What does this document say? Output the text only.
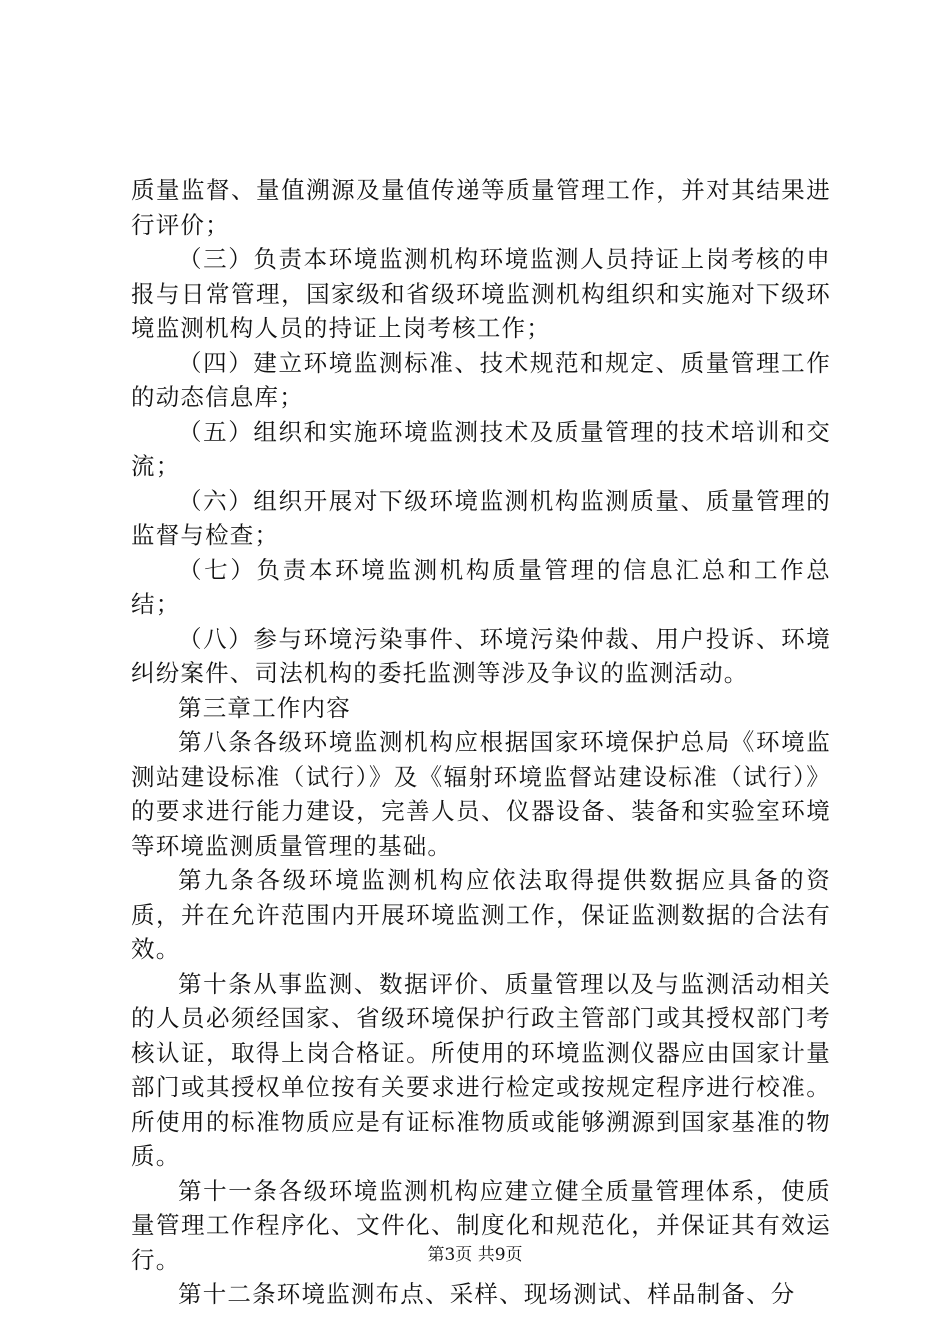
质量监督、量值溯源及量值传递等质量管理工作，并对其结果进行评价；

（三）负责本环境监测机构环境监测人员持证上岗考核的申报与日常管理，国家级和省级环境监测机构组织和实施对下级环境监测机构人员的持证上岗考核工作；

（四）建立环境监测标准、技术规范和规定、质量管理工作的动态信息库；

（五）组织和实施环境监测技术及质量管理的技术培训和交流；

（六）组织开展对下级环境监测机构监测质量、质量管理的监督与检查；

（七）负责本环境监测机构质量管理的信息汇总和工作总结；

（八）参与环境污染事件、环境污染仲裁、用户投诉、环境纠纷案件、司法机构的委托监测等涉及争议的监测活动。

第三章工作内容

第八条各级环境监测机构应根据国家环境保护总局《环境监测站建设标准（试行）》及《辐射环境监督站建设标准（试行）》的要求进行能力建设，完善人员、仪器设备、装备和实验室环境等环境监测质量管理的基础。

第九条各级环境监测机构应依法取得提供数据应具备的资质，并在允许范围内开展环境监测工作，保证监测数据的合法有效。

第十条从事监测、数据评价、质量管理以及与监测活动相关的人员必须经国家、省级环境保护行政主管部门或其授权部门考核认证，取得上岗合格证。所使用的环境监测仪器应由国家计量部门或其授权单位按有关要求进行检定或按规定程序进行校准。所使用的标准物质应是有证标准物质或能够溯源到国家基准的物质。

第十一条各级环境监测机构应建立健全质量管理体系，使质量管理工作程序化、文件化、制度化和规范化，并保证其有效运行。

第十二条环境监测布点、采样、现场测试、样品制备、分

第3页 共9页
